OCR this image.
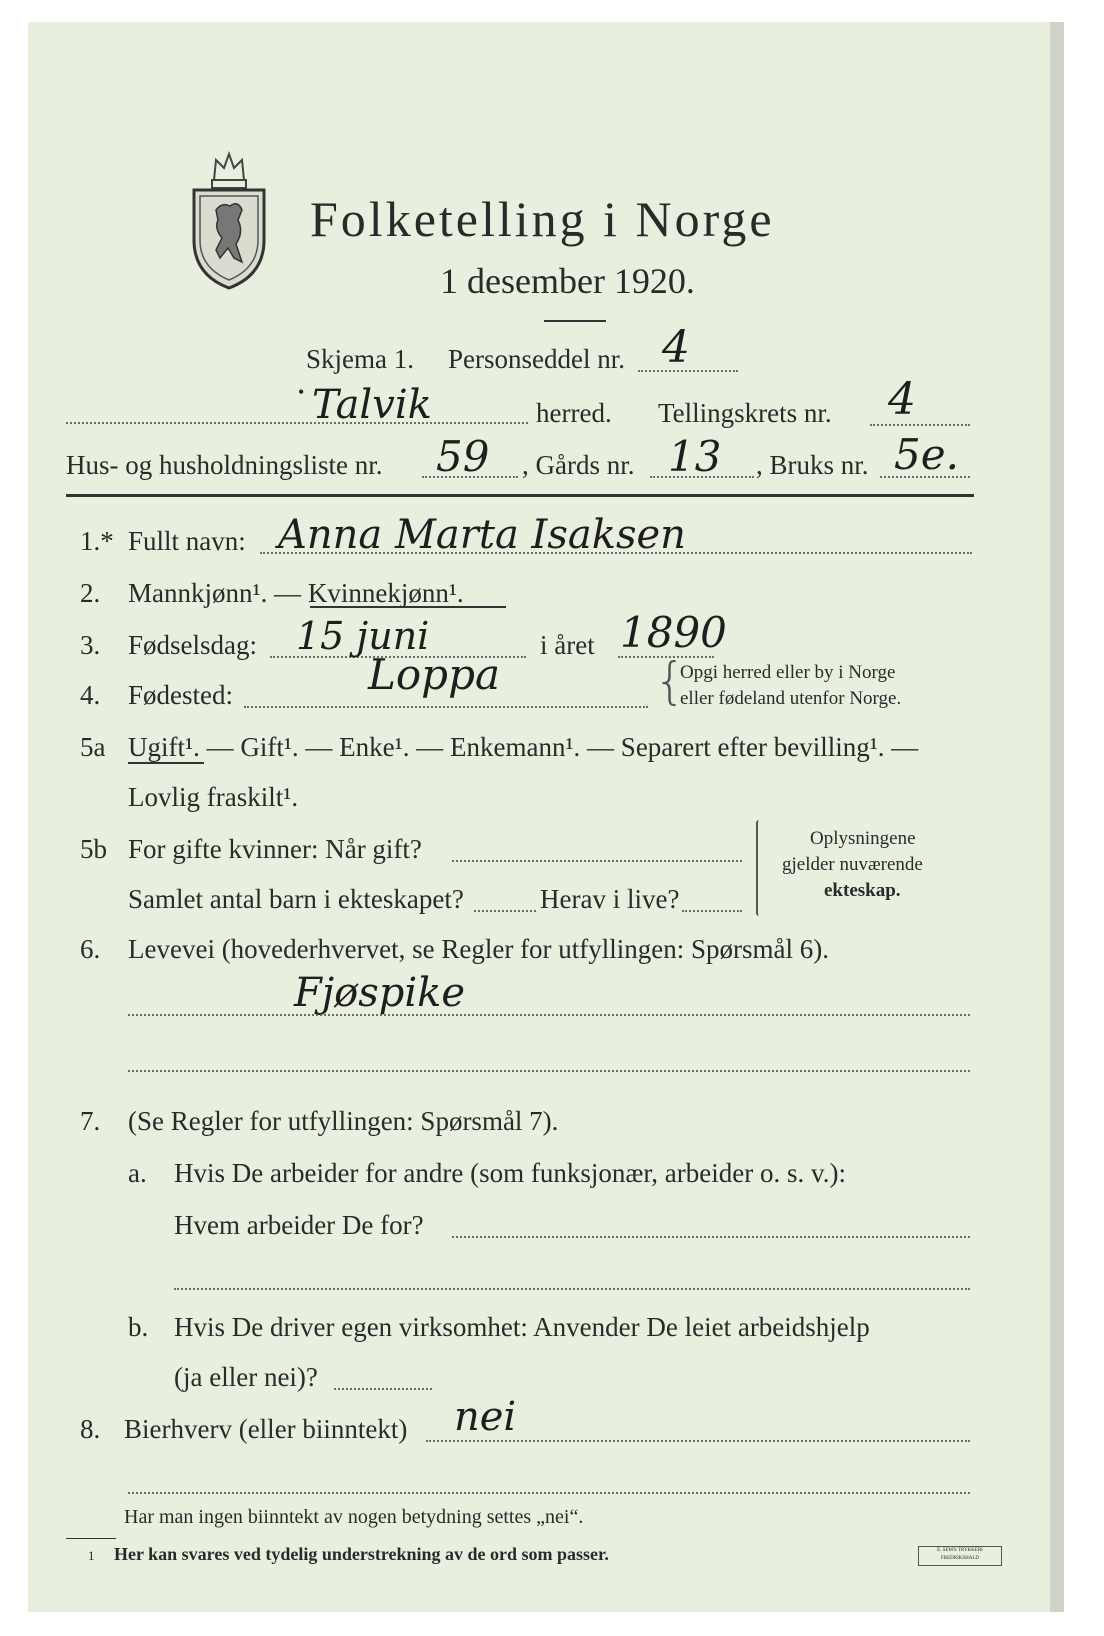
Folketelling i Norge
1 desember 1920.
Skjema 1. Personseddel nr. 4
• Talvik	herred. Tellingskrets nr. 4
Hus- og husholdningsliste nr. 59 , Gårds nr. 13 , Bruks nr. 5e.
1.* Fullt navn: Anna Marta Isaksen
2. Mannkjønn¹. — Kvinnekjønn¹.
3. Fødselsdag: 15 juni	i året 1890
4. Fødested:	Loppa	{
Opgi herred eller by i Norge
eller fødeland utenfor Norge.
5a Ugift¹. — Gift¹. — Enke¹. — Enkemann¹. — Separert efter bevilling¹. —
Lovlig fraskilt¹.
5b For gifte kvinner: Når gift?
Samlet antal barn i ekteskapet?	Herav i live?
Oplysningene
gjelder nuværende
ekteskap.
6. Levevei (hovederhvervet, se Regler for utfyllingen: Spørsmål 6).
Fjøspike
7. (Se Regler for utfyllingen: Spørsmål 7).
a. Hvis De arbeider for andre (som funksjonær, arbeider o. s. v.):
Hvem arbeider De for?
b. Hvis De driver egen virksomhet: Anvender De leiet arbeidshjelp
(ja eller nei)?
8. Bierhverv (eller biinntekt) nei
Har man ingen biinntekt av nogen betydning settes „nei“.
1 Her kan svares ved tydelig understrekning av de ord som passer.	E. SEM'S TRYKKERI FREDRIKSHALD
